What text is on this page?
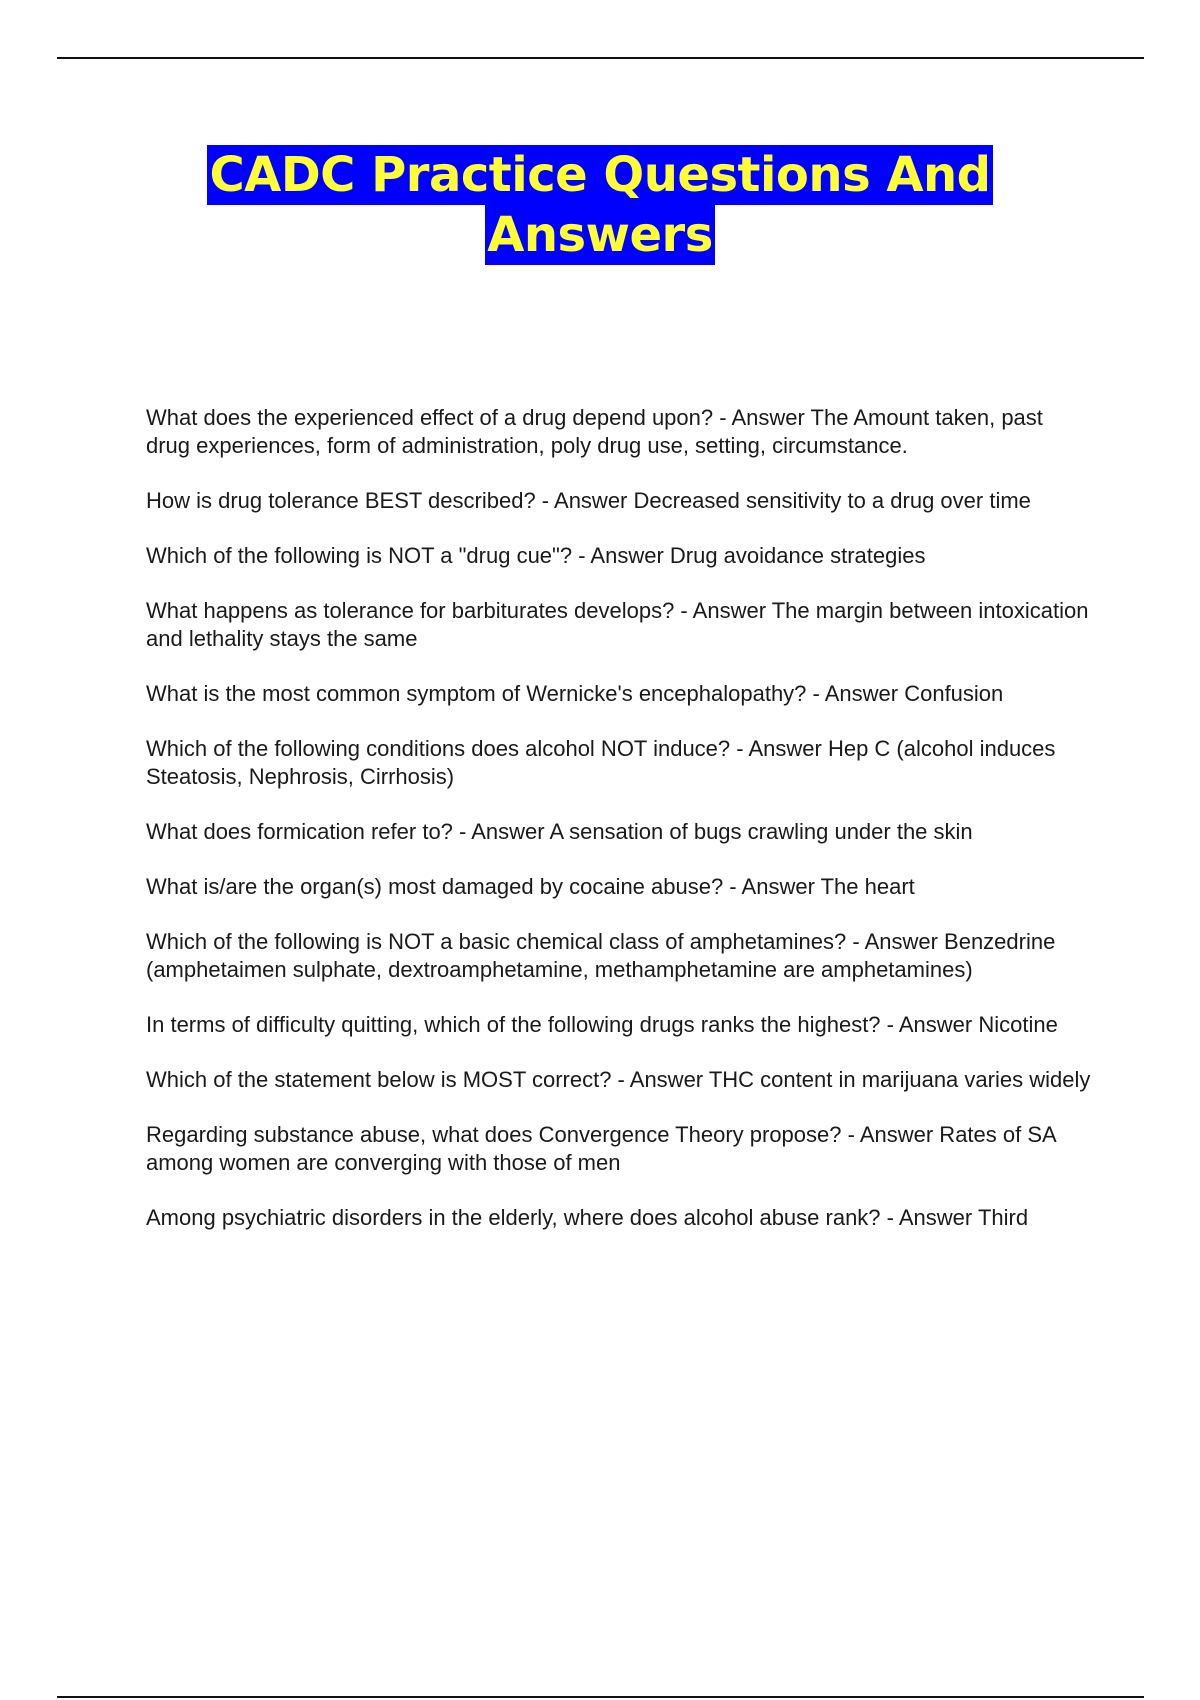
CADC Practice Questions And
Answers
What does the experienced effect of a drug depend upon? - Answer The Amount taken, past drug experiences, form of administration, poly drug use, setting, circumstance.
How is drug tolerance BEST described? - Answer Decreased sensitivity to a drug over time
Which of the following is NOT a "drug cue"? - Answer Drug avoidance strategies
What happens as tolerance for barbiturates develops? - Answer The margin between intoxication and lethality stays the same
What is the most common symptom of Wernicke's encephalopathy? - Answer Confusion
Which of the following conditions does alcohol NOT induce? - Answer Hep C (alcohol induces Steatosis, Nephrosis, Cirrhosis)
What does formication refer to? - Answer A sensation of bugs crawling under the skin
What is/are the organ(s) most damaged by cocaine abuse? - Answer The heart
Which of the following is NOT a basic chemical class of amphetamines? - Answer Benzedrine (amphetaimen sulphate, dextroamphetamine, methamphetamine are amphetamines)
In terms of difficulty quitting, which of the following drugs ranks the highest? - Answer Nicotine
Which of the statement below is MOST correct? - Answer THC content in marijuana varies widely
Regarding substance abuse, what does Convergence Theory propose? - Answer Rates of SA among women are converging with those of men
Among psychiatric disorders in the elderly, where does alcohol abuse rank? - Answer Third
